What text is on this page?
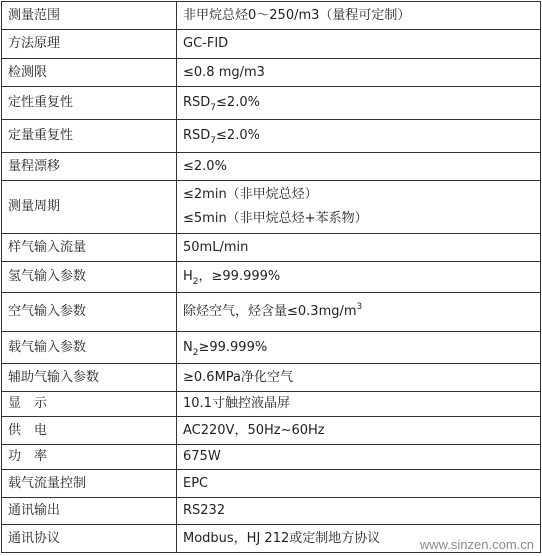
测量范围	非甲烷总烃0～250/m3（量程可定制）
方法原理	GC-FID
检测限	≤0.8 mg/m3
定性重复性	$RSD_7\le 2.0\%$
定量重复性	$RSD_7\le 2.0\%$
量程漂移	≤2.0%
测量周期	≤2min（非甲烷总烃）
≤5min（非甲烷总烃+苯系物）

样气输入流量	50mL/min
氢气输入参数	$H_2$，≥99.999%
空气输入参数	除烃空气，烃含量$\le 0.3mg/m^3$
载气输入参数	$N_2\ge 99.999\%$
辅助气输入参数	≥0.6MPa净化空气
显　示	10.1寸触控液晶屏
供　电	AC220V，50Hz~60Hz
功　率	675W
载气流量控制	EPC
通讯输出	RS232
通讯协议	Modbus，HJ 212或定制地方协议	www.sinzen.com.cn
